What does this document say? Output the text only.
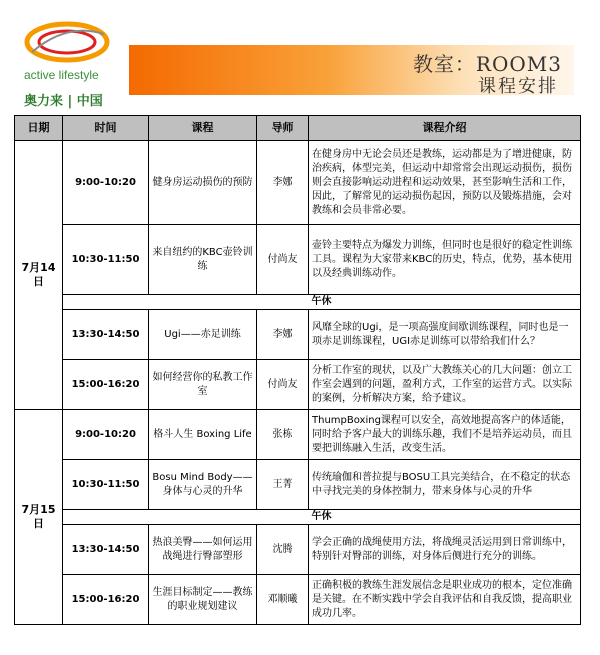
active lifestyle
奥力来 | 中国
教室：ROOM3
课程安排
日期	时间	课程	导师	课程介绍
7月14日	9:00-10:20	健身房运动损伤的预防	李娜	在健身房中无论会员还是教练，运动都是为了增进健康，防治疾病，体型完美，但运动中却常常会出现运动损伤，损伤则会直接影响运动进程和运动效果，甚至影响生活和工作，因此，了解常见的运动损伤起因，预防以及锻炼措施，会对教练和会员非常必要。
	10:30-11:50	来自纽约的KBC壶铃训练	付尚友	壶铃主要特点为爆发力训练，但同时也是很好的稳定性训练工具。课程为大家带来KBC的历史，特点，优势，基本使用以及经典训练动作。
	午休			
	13:30-14:50	Ugi——赤足训练	李娜	风靡全球的Ugi，是一项高强度间歇训练课程，同时也是一项赤足训练课程，UGI赤足训练可以带给我们什么？
	15:00-16:20	如何经营你的私教工作室	付尚友	分析工作室的现状，以及广大教练关心的几大问题：创立工作室会遇到的问题，盈利方式，工作室的运营方式。以实际的案例，分析解决方案，给予建议。
7月15日	9:00-10:20	格斗人生 Boxing Life	张栋	ThumpBoxing课程可以安全，高效地提高客户的体适能，同时给予客户最大的训练乐趣，我们不是培养运动员，而且要把训练融入生活，改变生活。
	10:30-11:50	Bosu Mind Body——身体与心灵的升华	王菁	传统瑜伽和普拉提与BOSU工具完美结合，在不稳定的状态中寻找完美的身体控制力，带来身体与心灵的升华
	午休			
	13:30-14:50	热浪美臀——如何运用战绳进行臀部塑形	沈腾	学会正确的战绳使用方法，将战绳灵活运用到日常训练中，特别针对臀部的训练，对身体后侧进行充分的训练。
	15:00-16:20	生涯目标制定——教练的职业规划建议	邓顺曦	正确积极的教练生涯发展信念是职业成功的根本，定位准确是关键。在不断实践中学会自我评估和自我反馈，提高职业成功几率。
